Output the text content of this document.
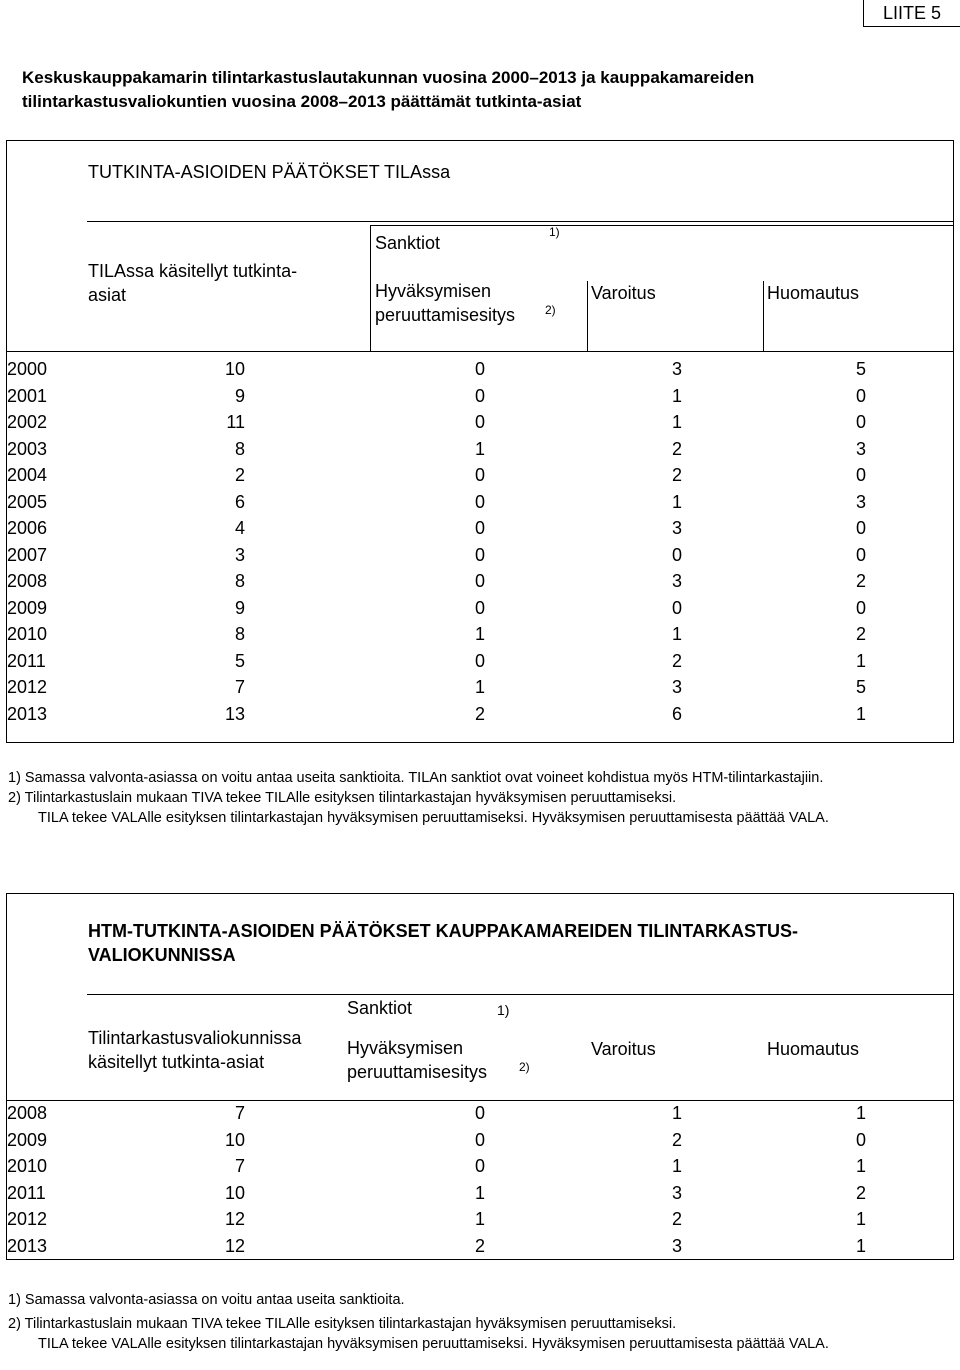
LIITE 5
Keskuskauppakamarin tilintarkastuslautakunnan vuosina 2000–2013 ja kauppakamareiden tilintarkastusvaliokuntien vuosina 2008–2013 päättämät tutkinta-asiat
TUTKINTA-ASIOIDEN PÄÄTÖKSET TILAssa
TILAssa käsitellyt tutkinta-
asiat
Sanktiot
1)
Hyväksymisen
peruuttamisesitys 2)
Varoitus	Huomautus
2000	10	0	3	5
2001	9	0	1	0
2002	11	0	1	0
2003	8	1	2	3
2004	2	0	2	0
2005	6	0	1	3
2006	4	0	3	0
2007	3	0	0	0
2008	8	0	3	2
2009	9	0	0	0
2010	8	1	1	2
2011	5	0	2	1
2012	7	1	3	5
2013	13	2	6	1

1) Samassa valvonta-asiassa on voitu antaa useita sanktioita. TILAn sanktiot ovat voineet kohdistua myös HTM-tilintarkastajiin.

2) Tilintarkastuslain mukaan TIVA tekee TILAlle esityksen tilintarkastajan hyväksymisen peruuttamiseksi.

TILA tekee VALAlle esityksen tilintarkastajan hyväksymisen peruuttamiseksi. Hyväksymisen peruuttamisesta päättää VALA.

HTM-TUTKINTA-ASIOIDEN PÄÄTÖKSET KAUPPAKAMAREIDEN TILINTARKASTUS-VALIOKUNNISSA
Tilintarkastusvaliokunnissa
käsitellyt tutkinta-asiat
Sanktiot	1)
Hyväksymisen
peruuttamisesitys	2)
Varoitus	Huomautus
2008	7	0	1	1
2009	10	0	2	0
2010	7	0	1	1
2011	10	1	3	2
2012	12	1	2	1
2013	12	2	3	1

1) Samassa valvonta-asiassa on voitu antaa useita sanktioita.

2) Tilintarkastuslain mukaan TIVA tekee TILAlle esityksen tilintarkastajan hyväksymisen peruuttamiseksi.

TILA tekee VALAlle esityksen tilintarkastajan hyväksymisen peruuttamiseksi. Hyväksymisen peruuttamisesta päättää VALA.
